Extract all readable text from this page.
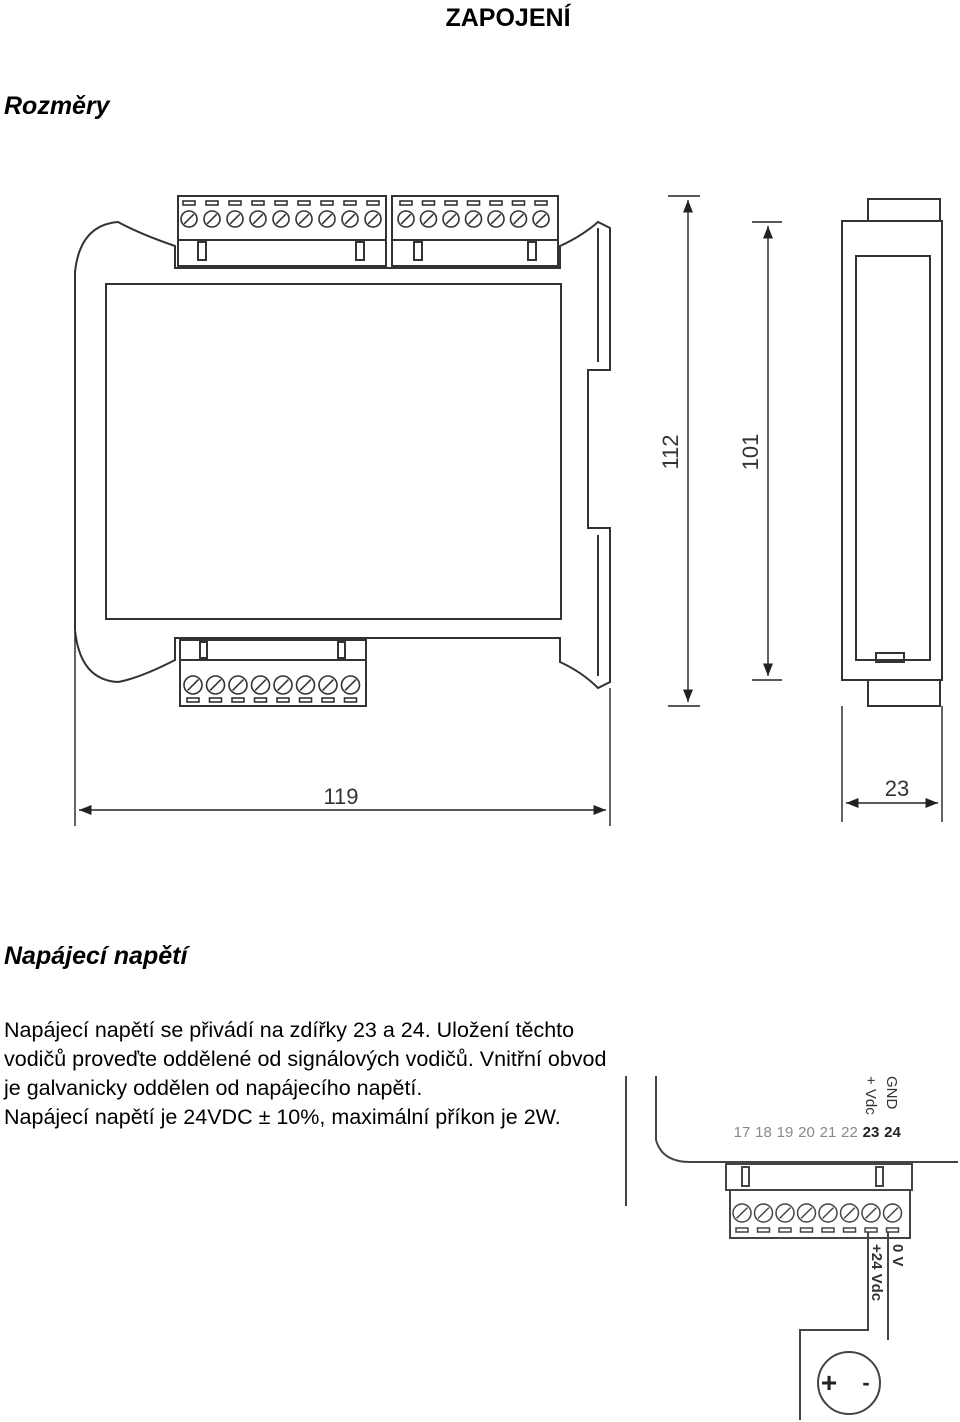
ZAPOJENÍ
Rozměry
112	101
119	23
17 18 19 20 21 22 23 24
+ Vdc GND
+24 Vdc 0 V
+ -
Napájecí napětí

Napájecí napětí se přivádí na zdířky 23 a 24. Uložení těchto vodičů proveďte oddělené od signálových vodičů. Vnitřní obvod je galvanicky oddělen od napájecího napětí.

Napájecí napětí je 24VDC ± 10%, maximální příkon je 2W.
